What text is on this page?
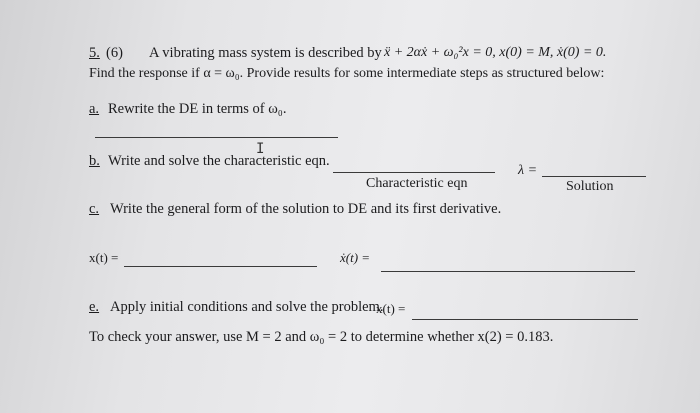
5. (6) A vibrating mass system is described by ẍ + 2αẋ + ω₀²x = 0, x(0) = M, ẋ(0) = 0.
Find the response if α = ω₀. Provide results for some intermediate steps as structured below:
a. Rewrite the DE in terms of ω₀.
I
b. Write and solve the characteristic eqn.
Characteristic eqn
λ =
Solution
c. Write the general form of the solution to DE and its first derivative.
x(t) =	ẋ(t) =
e. Apply initial conditions and solve the problem.
x(t) =
To check your answer, use M = 2 and ω₀ = 2 to determine whether x(2) = 0.183.
